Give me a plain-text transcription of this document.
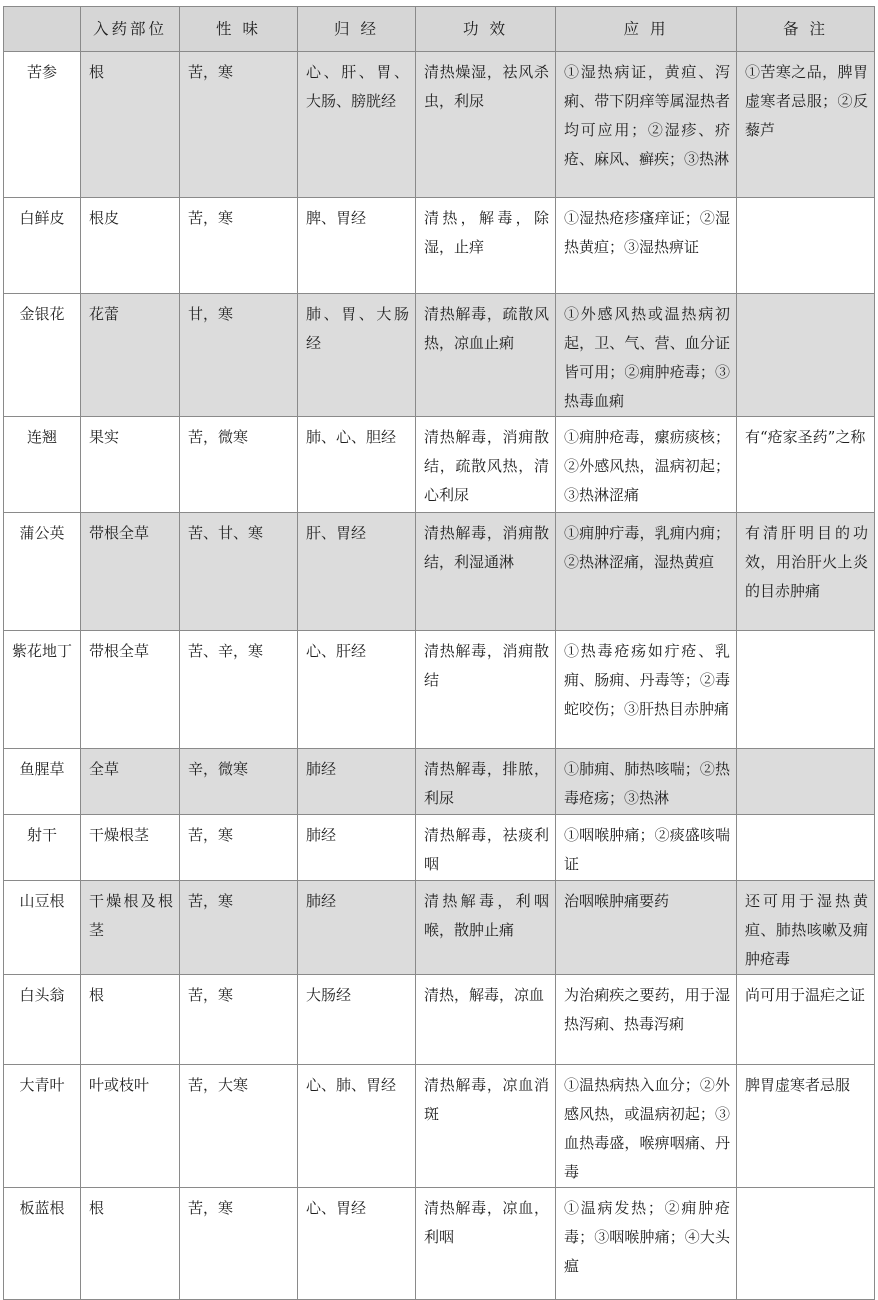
	入药部位	性 味	归 经	功 效	应 用	备 注
苦参	根	苦，寒	心、肝、胃、大肠、膀胱经	清热燥湿，祛风杀虫，利尿	①湿热病证，黄疸、泻痢、带下阴痒等属湿热者均可应用；②湿疹、疥疮、麻风、癣疾；③热淋	①苦寒之品，脾胃虚寒者忌服；②反藜芦
白鲜皮	根皮	苦，寒	脾、胃经	清热，解毒，除湿，止痒	①湿热疮疹瘙痒证；②湿热黄疸；③湿热痹证	
金银花	花蕾	甘，寒	肺、胃、大肠经	清热解毒，疏散风热，凉血止痢	①外感风热或温热病初起，卫、气、营、血分证皆可用；②痈肿疮毒；③热毒血痢	
连翘	果实	苦，微寒	肺、心、胆经	清热解毒，消痈散结，疏散风热，清心利尿	①痈肿疮毒，瘰疬痰核；②外感风热，温病初起；③热淋涩痛	有“疮家圣药”之称
蒲公英	带根全草	苦、甘、寒	肝、胃经	清热解毒，消痈散结，利湿通淋	①痈肿疔毒，乳痈内痈；②热淋涩痛，湿热黄疸	有清肝明目的功效，用治肝火上炎的目赤肿痛
紫花地丁	带根全草	苦、辛，寒	心、肝经	清热解毒，消痈散结	①热毒疮疡如疔疮、乳痈、肠痈、丹毒等；②毒蛇咬伤；③肝热目赤肿痛	
鱼腥草	全草	辛，微寒	肺经	清热解毒，排脓，利尿	①肺痈、肺热咳喘；②热毒疮疡；③热淋	
射干	干燥根茎	苦，寒	肺经	清热解毒，祛痰利咽	①咽喉肿痛；②痰盛咳喘证	
山豆根	干燥根及根茎	苦，寒	肺经	清热解毒，利咽喉，散肿止痛	治咽喉肿痛要药	还可用于湿热黄疸、肺热咳嗽及痈肿疮毒
白头翁	根	苦，寒	大肠经	清热，解毒，凉血	为治痢疾之要药，用于湿热泻痢、热毒泻痢	尚可用于温疟之证
大青叶	叶或枝叶	苦，大寒	心、肺、胃经	清热解毒，凉血消斑	①温热病热入血分；②外感风热，或温病初起；③血热毒盛，喉痹咽痛、丹毒	脾胃虚寒者忌服
板蓝根	根	苦，寒	心、胃经	清热解毒，凉血，利咽	①温病发热；②痈肿疮毒；③咽喉肿痛；④大头瘟	
